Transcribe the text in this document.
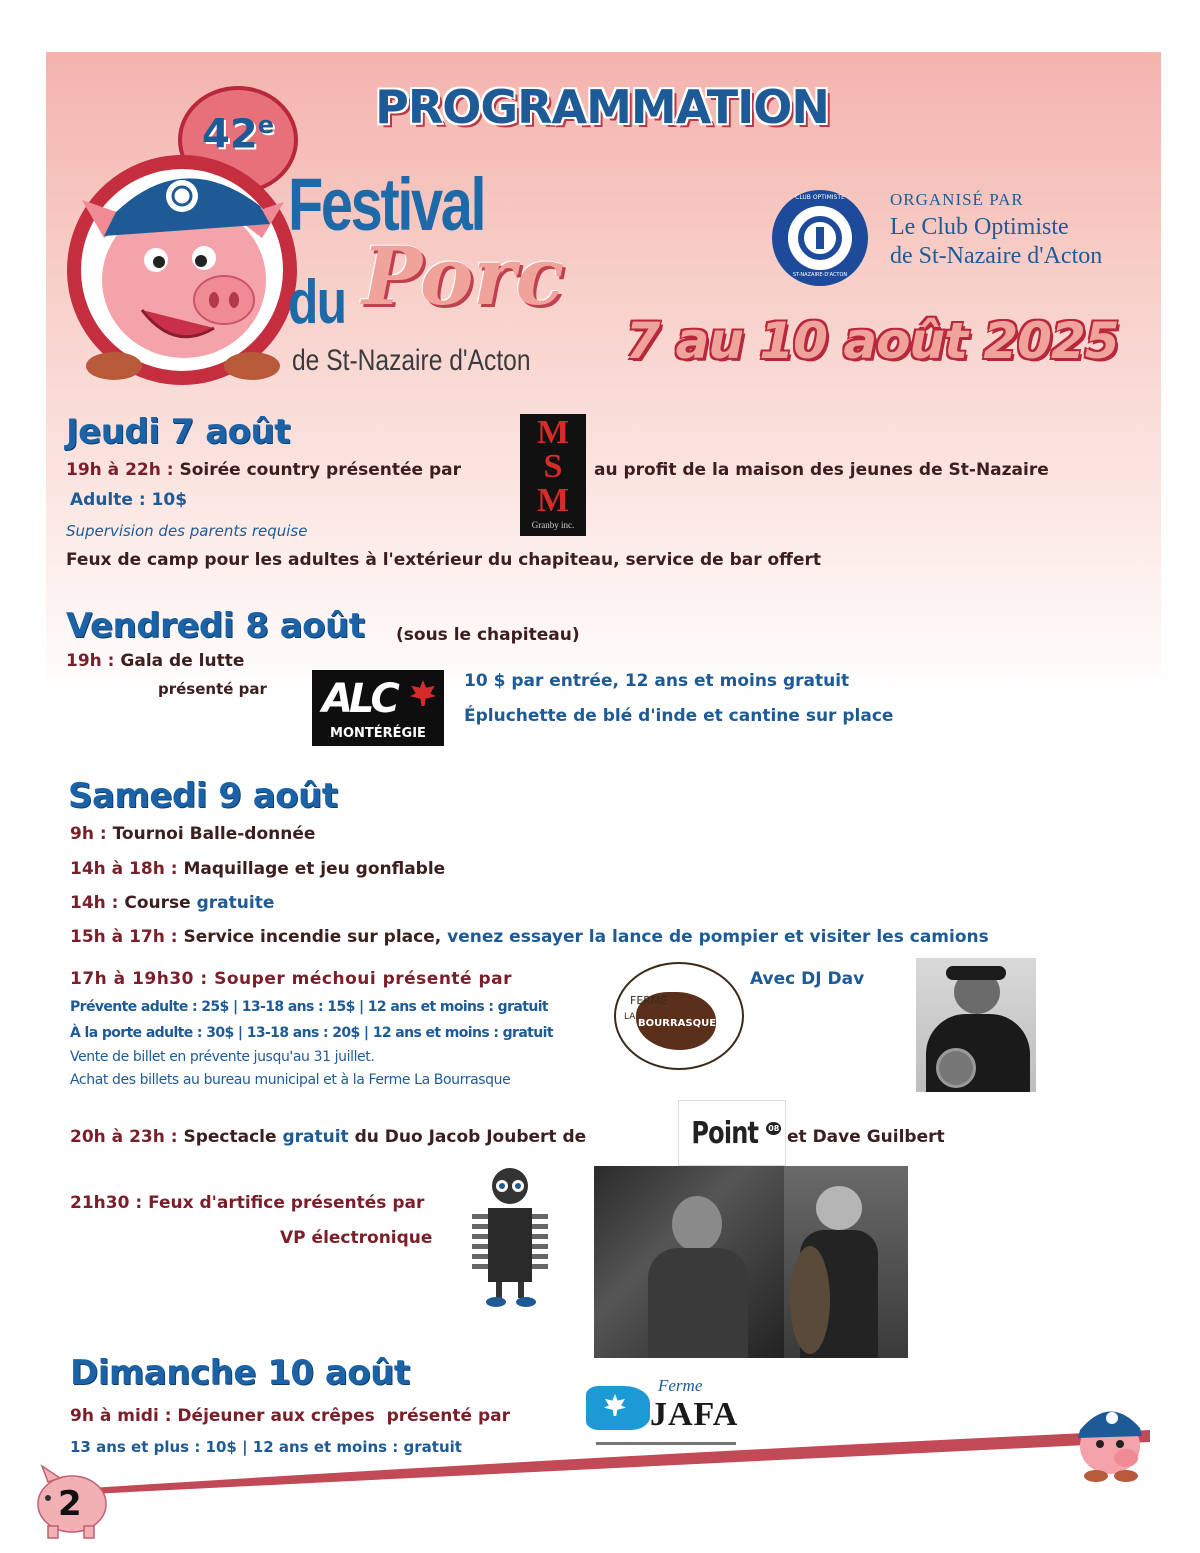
PROGRAMMATION
42e
Festival
du Porc
de St-Nazaire d'Acton 7 au 10 août 2025
CLUB OPTIMISTE
ST-NAZAIRE-D'ACTON
ORGANISÉ PAR
Le Club Optimiste
de St-Nazaire d'Acton
Jeudi 7 août
19h à 22h : Soirée country présentée par
M
S
M
Granby inc.
au profit de la maison des jeunes de St-Nazaire
Adulte : 10$
Supervision des parents requise
Feux de camp pour les adultes à l'extérieur du chapiteau, service de bar offert
Vendredi 8 août (sous le chapiteau)
19h : Gala de lutte
présenté par ALC
MONTÉRÉGIE
10 $ par entrée, 12 ans et moins gratuit
Épluchette de blé d'inde et cantine sur place
Samedi 9 août
9h : Tournoi Balle-donnée
14h à 18h : Maquillage et jeu gonflable
14h : Course gratuite
15h à 17h : Service incendie sur place, venez essayer la lance de pompier et visiter les camions
17h à 19h30 : Souper méchoui présenté par
Prévente adulte : 25$ | 13-18 ans : 15$ | 12 ans et moins : gratuit
À la porte adulte : 30$ | 13-18 ans : 20$ | 12 ans et moins : gratuit
Vente de billet en prévente jusqu'au 31 juillet.
Achat des billets au bureau municipal et à la Ferme La Bourrasque
FERME
LA
BOURRASQUE
Avec DJ Dav
20h à 23h : Spectacle gratuit du Duo Jacob Joubert de	Point 08 et Dave Guilbert
21h30 : Feux d'artifice présentés par
VP électronique
Dimanche 10 août
9h à midi : Déjeuner aux crêpes présenté par
13 ans et plus : 10$ | 12 ans et moins : gratuit
Ferme
JAFA
2
